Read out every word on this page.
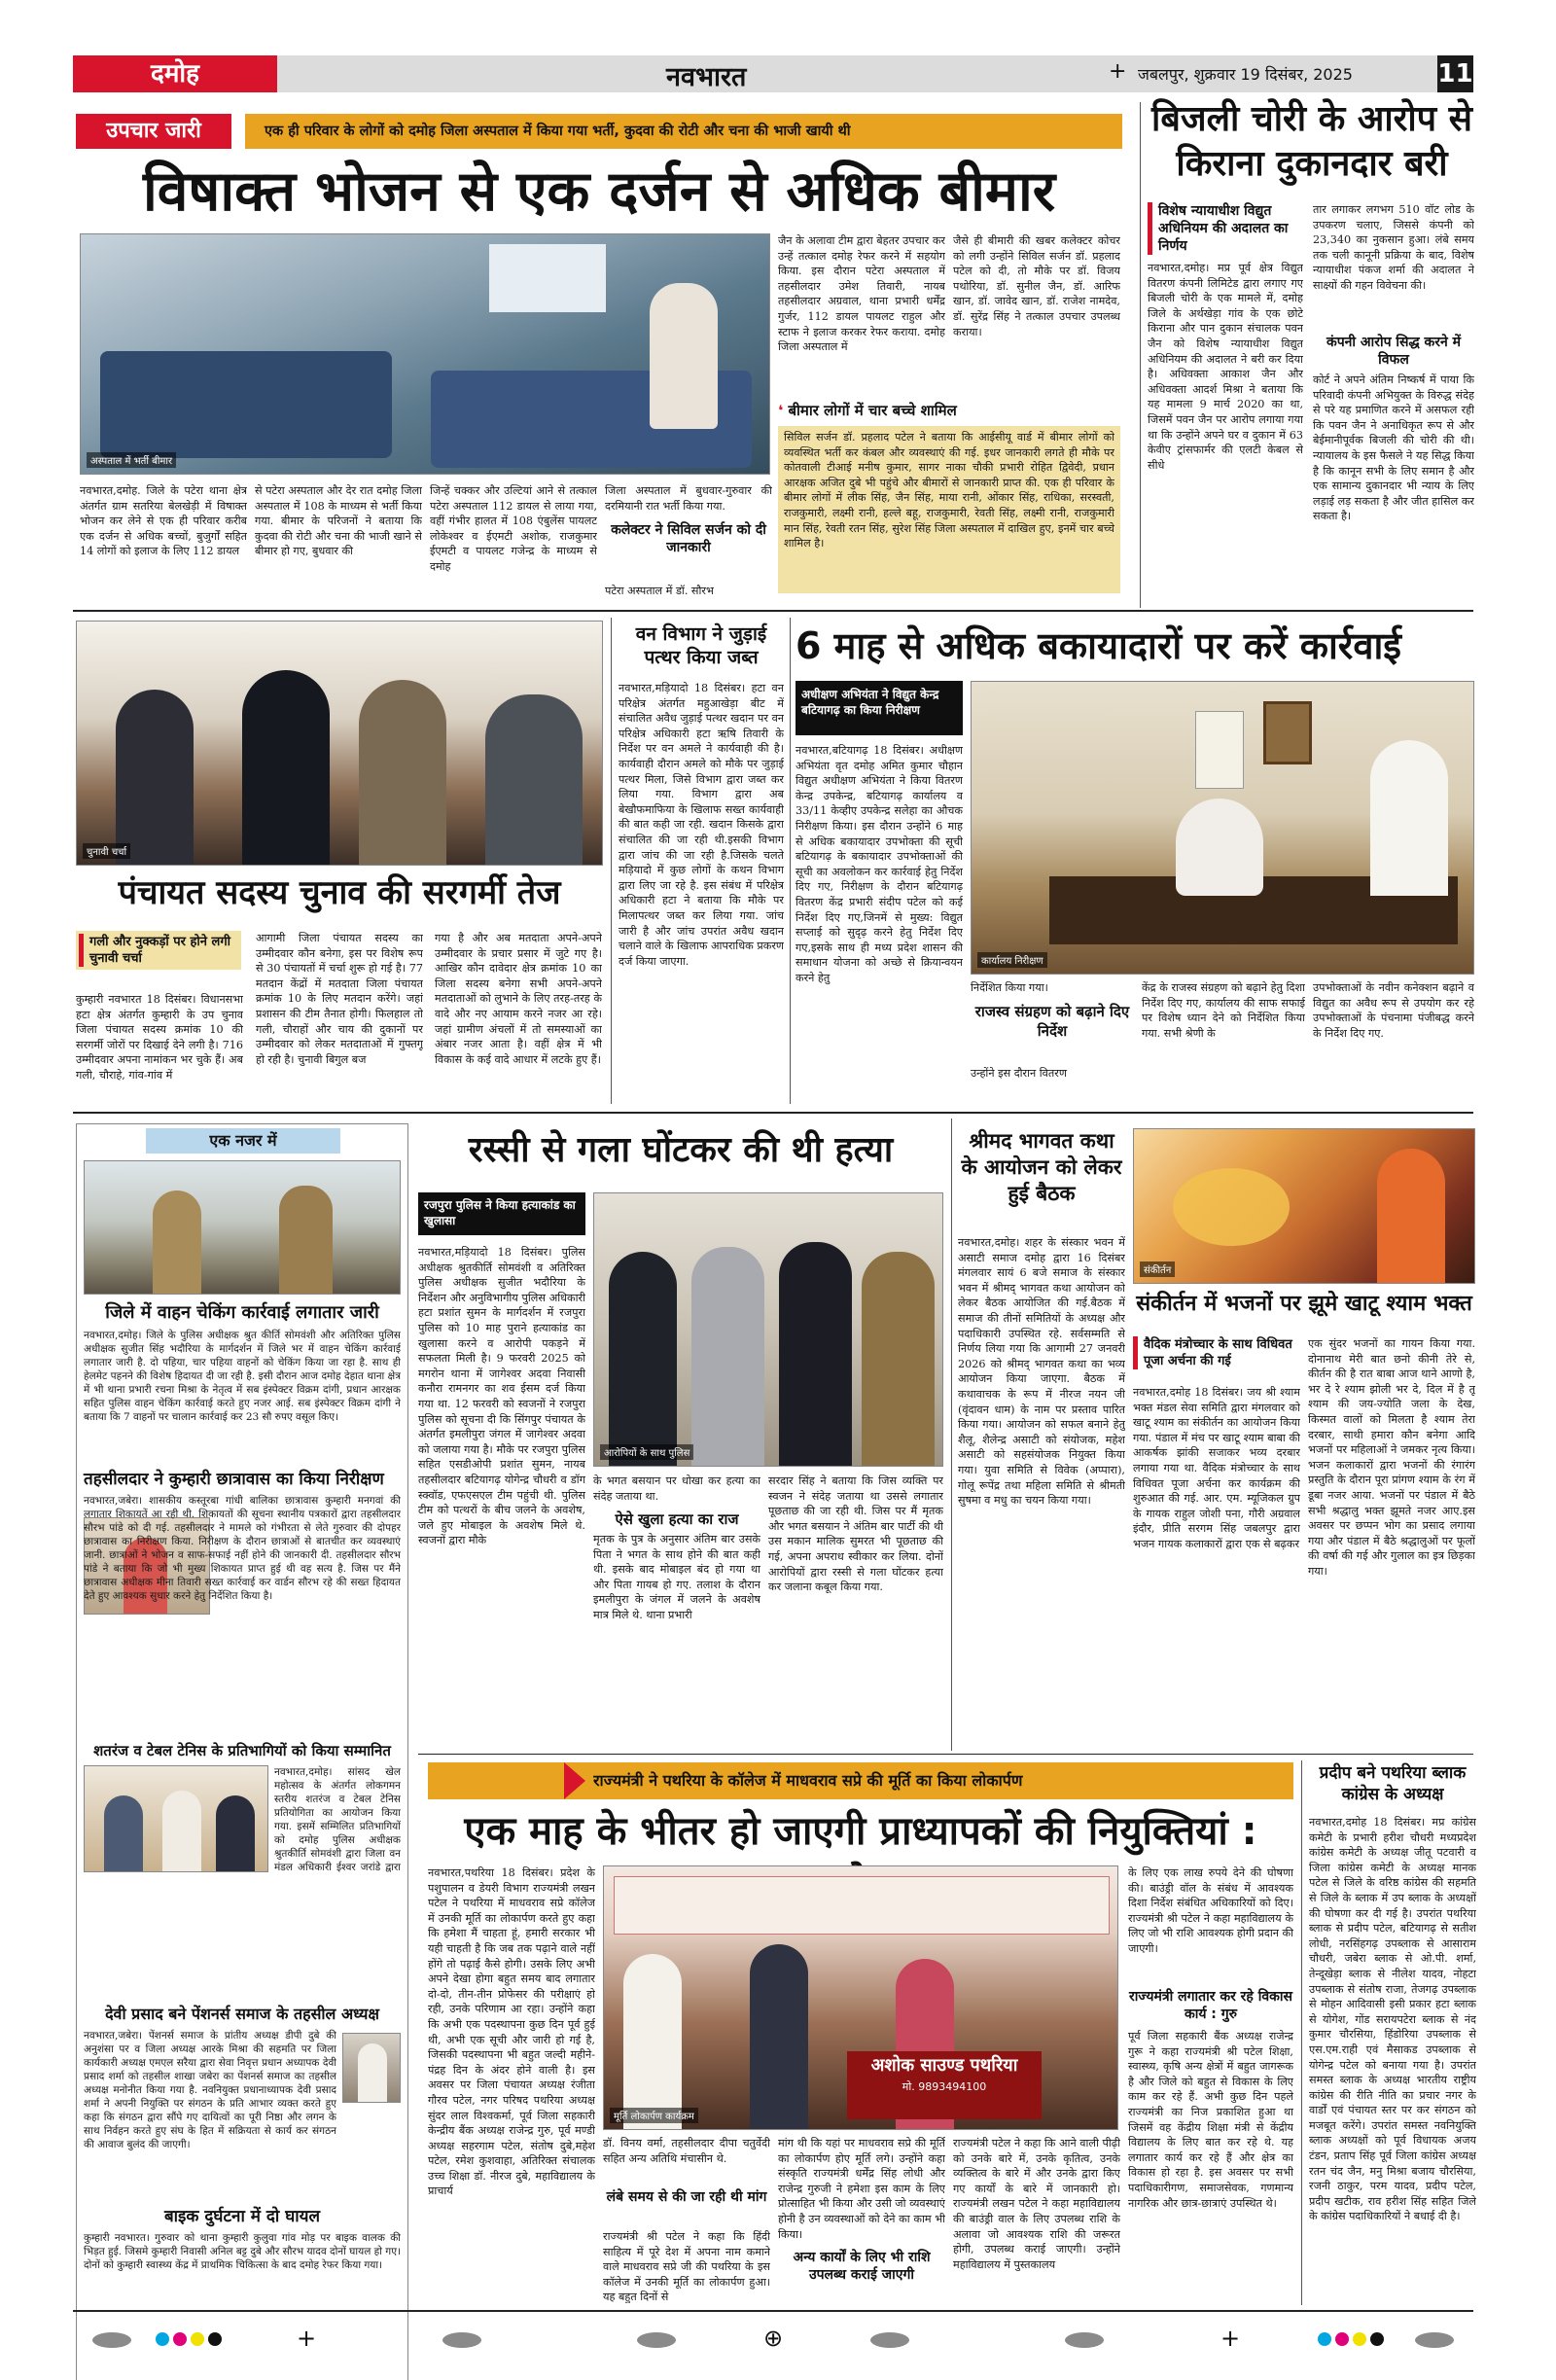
दमोह	नवभारत	+ जबलपुर, शुक्रवार 19 दिसंबर, 2025	11
उपचार जारी	एक ही परिवार के लोगों को दमोह जिला अस्पताल में किया गया भर्ती, कुदवा की रोटी और चना की भाजी खायी थी
विषाक्त भोजन से एक दर्जन से अधिक बीमार
अस्पताल में भर्ती बीमार
नवभारत,दमोह. जिले के पटेरा थाना क्षेत्र अंतर्गत ग्राम सतरिया बेलखेड़ी में विषाक्त भोजन कर लेने से एक ही परिवार करीब एक दर्जन से अधिक बच्चों, बुजुर्गों सहित 14 लोगों को इलाज के लिए 112 डायल
से पटेरा अस्पताल और देर रात दमोह जिला अस्पताल में 108 के माध्यम से भर्ती किया गया. बीमार के परिजनों ने बताया कि कुदवा की रोटी और चना की भाजी खाने से बीमार हो गए, बुधवार की
जिन्हें चक्कर और उल्टियां आने से तत्काल पटेरा अस्पताल 112 डायल से लाया गया, वहीं गंभीर हालत में 108 एंबुलेंस पायलट लोकेश्वर व ईएमटी अशोक, राजकुमार ईएमटी व पायलट गजेन्द्र के माध्यम से दमोह
जिला अस्पताल में बुधवार-गुरुवार की दरमियानी रात भर्ती किया गया.
कलेक्टर ने सिविल सर्जन को दी जानकारी
पटेरा अस्पताल में डॉ. सौरभ
जैन के अलावा टीम द्वारा बेहतर उपचार कर उन्हें तत्काल दमोह रेफर करने में सहयोग किया. इस दौरान पटेरा अस्पताल में तहसीलदार उमेश तिवारी, नायब तहसीलदार अग्रवाल, थाना प्रभारी धर्मेंद्र गुर्जर, 112 डायल पायलट राहुल और स्टाफ ने इलाज करकर रेफर कराया. दमोह जिला अस्पताल में
जैसे ही बीमारी की खबर कलेक्टर कोचर को लगी उन्होंने सिविल सर्जन डॉ. प्रहलाद पटेल को दी, तो मौके पर डॉ. विजय पथोरिया, डॉ. सुनील जैन, डॉ. आरिफ खान, डॉ. जावेद खान, डॉ. राजेश नामदेव, डॉ. सुरेंद्र सिंह ने तत्काल उपचार उपलब्ध कराया।
❛ बीमार लोगों में चार बच्चे शामिल
सिविल सर्जन डॉ. प्रहलाद पटेल ने बताया कि आईसीयू वार्ड में बीमार लोगों को व्यवस्थित भर्ती कर कंबल और व्यवस्थाएं की गई. इधर जानकारी लगते ही मौके पर कोतवाली टीआई मनीष कुमार, सागर नाका चौकी प्रभारी रोहित द्विवेदी, प्रधान आरक्षक अजित दुबे भी पहुंचे और बीमारों से जानकारी प्राप्त की. एक ही परिवार के बीमार लोगों में लीक सिंह, जैन सिंह, माया रानी, ओंकार सिंह, राधिका, सरस्वती, राजकुमारी, लक्ष्मी रानी, हल्ले बहू, राजकुमारी, रेवती सिंह, लक्ष्मी रानी, राजकुमारी मान सिंह, रेवती रतन सिंह, सुरेश सिंह जिला अस्पताल में दाखिल हुए, इनमें चार बच्चे शामिल है।
बिजली चोरी के आरोप से किराना दुकानदार बरी
विशेष न्यायाधीश विद्युत अधिनियम की अदालत का निर्णय
नवभारत,दमोह। मप्र पूर्व क्षेत्र विद्युत वितरण कंपनी लिमिटेड द्वारा लगाए गए बिजली चोरी के एक मामले में, दमोह जिले के अर्थखेड़ा गांव के एक छोटे किराना और पान दुकान संचालक पवन जैन को विशेष न्यायाधीश विद्युत अधिनियम की अदालत ने बरी कर दिया है। अधिवक्ता आकाश जैन और अधिवक्ता आदर्श मिश्रा ने बताया कि यह मामला 9 मार्च 2020 का था, जिसमें पवन जैन पर आरोप लगाया गया था कि उन्होंने अपने घर व दुकान में 63 केवीए ट्रांसफार्मर की एलटी केबल से सीधे
तार लगाकर लगभग 510 वॉट लोड के उपकरण चलाए, जिससे कंपनी को 23,340 का नुकसान हुआ। लंबे समय तक चली कानूनी प्रक्रिया के बाद, विशेष न्यायाधीश पंकज शर्मा की अदालत ने साक्ष्यों की गहन विवेचना की।
कंपनी आरोप सिद्ध करने में विफल
कोर्ट ने अपने अंतिम निष्कर्ष में पाया कि परिवादी कंपनी अभियुक्त के विरुद्ध संदेह से परे यह प्रमाणित करने में असफल रही कि पवन जैन ने अनाधिकृत रूप से और बेईमानीपूर्वक बिजली की चोरी की थी। न्यायालय के इस फैसले ने यह सिद्ध किया है कि कानून सभी के लिए समान है और एक सामान्य दुकानदार भी न्याय के लिए लड़ाई लड़ सकता है और जीत हासिल कर सकता है।
चुनावी चर्चा
पंचायत सदस्य चुनाव की सरगर्मी तेज
गली और नुक्कड़ों पर होने लगी चुनावी चर्चा
कुम्हारी नवभारत 18 दिसंबर। विधानसभा हटा क्षेत्र अंतर्गत कुम्हारी के उप चुनाव जिला पंचायत सदस्य क्रमांक 10 की सरगर्मी जोरों पर दिखाई देने लगी है। 716 उम्मीदवार अपना नामांकन भर चुके हैं। अब गली, चौराहे, गांव-गांव में
आगामी जिला पंचायत सदस्य का उम्मीदवार कौन बनेगा, इस पर विशेष रूप से 30 पंचायतों में चर्चा शुरू हो गई है। 77 मतदान केंद्रों में मतदाता जिला पंचायत क्रमांक 10 के लिए मतदान करेंगे। जहां प्रशासन की टीम तैनात होगी। फिलहाल तो गली, चौराहों और चाय की दुकानों पर उम्मीदवार को लेकर मतदाताओं में गुफ्तगू हो रही है। चुनावी बिगुल बज
गया है और अब मतदाता अपने-अपने उम्मीदवार के प्रचार प्रसार में जुटे गए है। आखिर कौन दावेदार क्षेत्र क्रमांक 10 का जिला सदस्य बनेगा सभी अपने-अपने मतदाताओं को लुभाने के लिए तरह-तरह के वादे और नए आयाम करने नजर आ रहे। जहां ग्रामीण अंचलों में तो समस्याओं का अंबार नजर आता है। वहीं क्षेत्र में भी विकास के कई वादे आधार में लटके हुए हैं।
वन विभाग ने जुड़ाई पत्थर किया जब्त
नवभारत,मड़ियादो 18 दिसंबर। हटा वन परिक्षेत्र अंतर्गत महुआखेड़ा बीट में संचालित अवैध जुड़ाई पत्थर खदान पर वन परिक्षेत्र अधिकारी हटा ऋषि तिवारी के निर्देश पर वन अमले ने कार्यवाही की है। कार्यवाही दौरान अमले को मौके पर जुड़ाई पत्थर मिला, जिसे विभाग द्वारा जब्त कर लिया गया. विभाग द्वारा अब बेखौफमाफिया के खिलाफ सख्त कार्यवाही की बात कही जा रही. खदान किसके द्वारा संचालित की जा रही थी.इसकी विभाग द्वारा जांच की जा रही है.जिसके चलते मड़ियादो में कुछ लोगों के कथन विभाग द्वारा लिए जा रहे है. इस संबंध में परिक्षेत्र अधिकारी हटा ने बताया कि मौके पर मिलापत्थर जब्त कर लिया गया. जांच जारी है और जांच उपरांत अवैध खदान चलाने वाले के खिलाफ आपराधिक प्रकरण दर्ज किया जाएगा.
6 माह से अधिक बकायादारों पर करें कार्रवाई
अधीक्षण अभियंता ने विद्युत केन्द्र बटियागढ़ का किया निरीक्षण
नवभारत,बटियागढ़ 18 दिसंबर। अधीक्षण अभियंता वृत दमोह अमित कुमार चौहान विद्युत अधीक्षण अभियंता ने किया वितरण केन्द्र उपकेन्द्र, बटियागढ़ कार्यालय व 33/11 केव्हीए उपकेन्द्र सलेहा का औचक निरीक्षण किया। इस दौरान उन्होंने 6 माह से अधिक बकायादार उपभोक्ता की सूची बटियागढ़ के बकायादार उपभोक्ताओं की सूची का अवलोकन कर कार्रवाई हेतु निर्देश दिए गए, निरीक्षण के दौरान बटियागढ़ वितरण केंद्र प्रभारी संदीप पटेल को कई निर्देश दिए गए,जिनमें से मुख्य: विद्युत सप्लाई को सुदृढ़ करने हेतु निर्देश दिए गए,इसके साथ ही मध्य प्रदेश शासन की समाधान योजना को अच्छे से क्रियान्वयन करने हेतु
कार्यालय निरीक्षण
निर्देशित किया गया।
राजस्व संग्रहण को बढ़ाने दिए निर्देश
उन्होंने इस दौरान वितरण
केंद्र के राजस्व संग्रहण को बढ़ाने हेतु दिशा निर्देश दिए गए, कार्यालय की साफ सफाई पर विशेष ध्यान देने को निर्देशित किया गया. सभी श्रेणी के
उपभोक्ताओं के नवीन कनेक्शन बढ़ाने व विद्युत का अवैध रूप से उपयोग कर रहे उपभोक्ताओं के पंचनामा पंजीबद्ध करने के निर्देश दिए गए.
एक नजर में
जिले में वाहन चेकिंग कार्रवाई लगातार जारी
नवभारत,दमोह। जिले के पुलिस अधीक्षक श्रुत कीर्ति सोमवंशी और अतिरिक्त पुलिस अधीक्षक सुजीत सिंह भदौरिया के मार्गदर्शन में जिले भर में वाहन चेकिंग कार्रवाई लगातार जारी है. दो पहिया, चार पहिया वाहनों को चेकिंग किया जा रहा है. साथ ही हेलमेट पहनने की विशेष हिदायत दी जा रही है. इसी दौरान आज दमोह देहात थाना क्षेत्र में भी थाना प्रभारी रचना मिश्रा के नेतृत्व में सब इंस्पेक्टर विक्रम दांगी, प्रधान आरक्षक सहित पुलिस वाहन चेकिंग कार्रवाई करते हुए नजर आई. सब इंस्पेक्टर विक्रम दांगी ने बताया कि 7 वाहनों पर चालान कार्रवाई कर 23 सौ रुपए वसूल किए।
तहसीलदार ने कुम्हारी छात्रावास का किया निरीक्षण
नवभारत,जबेरा। शासकीय कस्तूरबा गांधी बालिका छात्रावास कुम्हारी मनगवां की लगातार शिकायतें आ रही थी. शिकायतों की सूचना स्थानीय पत्रकारों द्वारा तहसीलदार सौरभ पांडे को दी गई. तहसीलदार ने मामले को गंभीरता से लेते गुरुवार की दोपहर छात्रावास का निरीक्षण किया. निरीक्षण के दौरान छात्राओं से बातचीत कर व्यवस्थाएं जानी. छात्राओं ने भोजन व साफ-सफाई नहीं होने की जानकारी दी. तहसीलदार सौरभ पांडे ने बताया कि जो भी मुख्य शिकायत प्राप्त हुई थी वह सत्य है. जिस पर मैंने छात्रावास अधीक्षक मीना तिवारी सख्त कार्रवाई कर वार्डन सौरभ रहे की सख्त हिदायत देते हुए आवश्यक सुधार करने हेतु निर्देशित किया है।
शतरंज व टेबल टेनिस के प्रतिभागियों को किया सम्मानित
नवभारत,दमोह। सांसद खेल महोत्सव के अंतर्गत लोकगमन स्तरीय शतरंज व टेबल टेनिस प्रतियोगिता का आयोजन किया गया. इसमें सम्मिलित प्रतिभागियों को दमोह पुलिस अधीक्षक श्रुतकीर्ति सोमवंशी द्वारा जिला वन मंडल अधिकारी ईश्वर जरांडे द्वारा
देवी प्रसाद बने पेंशनर्स समाज के तहसील अध्यक्ष
नवभारत,जबेरा। पेंशनर्स समाज के प्रांतीय अध्यक्ष डीपी दुबे की अनुशंसा पर व जिला अध्यक्ष आरके मिश्रा की सहमति पर जिला कार्यकारी अध्यक्ष एमएल सरैया द्वारा सेवा निवृत्त प्रधान अध्यापक देवी प्रसाद शर्मा को तहसील शाखा जबेरा का पेंशनर्स समाज का तहसील अध्यक्ष मनोनीत किया गया है. नवनियुक्त प्रधानाध्यापक देवी प्रसाद शर्मा ने अपनी नियुक्ति पर संगठन के प्रति आभार व्यक्त करते हुए कहा कि संगठन द्वारा सौंपे गए दायित्वों का पूरी निष्ठा और लगन के साथ निर्वहन करते हुए संघ के हित में सक्रियता से कार्य कर संगठन की आवाज बुलंद की जाएगी।
बाइक दुर्घटना में दो घायल
कुम्हारी नवभारत। गुरुवार को थाना कुम्हारी कुलुवा गांव मोड़ पर बाइक वालक की भिड़त हुई. जिसमे कुम्हारी निवासी अनिल बट्ट दुबे और सौरभ यादव दोनों घायल हो गए। दोनों को कुम्हारी स्वास्थ्य केंद्र में प्राथमिक चिकित्सा के बाद दमोह रेफर किया गया।
रस्सी से गला घोंटकर की थी हत्या
रजपुरा पुलिस ने किया हत्याकांड का खुलासा
नवभारत,मड़ियादो 18 दिसंबर। पुलिस अधीक्षक श्रुतकीर्ति सोमवंशी व अतिरिक्त पुलिस अधीक्षक सुजीत भदौरिया के निर्देशन और अनुविभागीय पुलिस अधिकारी हटा प्रशांत सुमन के मार्गदर्शन में रजपुरा पुलिस को 10 माह पुराने हत्याकांड का खुलासा करने व आरोपी पकड़ने में सफलता मिली है। 9 फरवरी 2025 को मगरोन थाना में जागेश्वर अदवा निवासी कनौरा रामनगर का शव ईसम दर्ज किया गया था. 12 फरवरी को स्वजनों ने रजपुरा पुलिस को सूचना दी कि सिंगपुर पंचायत के अंतर्गत इमलीपुरा जंगल में जागेश्वर अदवा को जलाया गया है। मौके पर रजपुरा पुलिस सहित एसडीओपी प्रशांत सुमन, नायब तहसीलदार बटियागढ़ योगेन्द्र चौधरी व डॉग स्क्वॉड, एफएसएल टीम पहुंची थी. पुलिस टीम को पत्थरों के बीच जलने के अवशेष, जले हुए मोबाइल के अवशेष मिले थे. स्वजनों द्वारा मौके
आरोपियों के साथ पुलिस
के भगत बसयान पर धोखा कर हत्या का संदेह जताया था.
ऐसे खुला हत्या का राज
मृतक के पुत्र के अनुसार अंतिम बार उसके पिता ने भगत के साथ होने की बात कही थी. इसके बाद मोबाइल बंद हो गया था और पिता गायब हो गए. तलाश के दौरान इमलीपुरा के जंगल में जलने के अवशेष मात्र मिले थे. थाना प्रभारी
सरदार सिंह ने बताया कि जिस व्यक्ति पर स्वजन ने संदेह जताया था उससे लगातार पूछताछ की जा रही थी. जिस पर मैं मृतक और भगत बसयान ने अंतिम बार पार्टी की थी उस मकान मालिक सुमरत भी पूछताछ की गई, अपना अपराध स्वीकार कर लिया. दोनों आरोपियों द्वारा रस्सी से गला घोंटकर हत्या कर जलाना कबूल किया गया.
श्रीमद भागवत कथा के आयोजन को लेकर हुई बैठक
नवभारत,दमोह। शहर के संस्कार भवन में असाटी समाज दमोह द्वारा 16 दिसंबर मंगलवार सायं 6 बजे समाज के संस्कार भवन में श्रीमद् भागवत कथा आयोजन को लेकर बैठक आयोजित की गई.बैठक में समाज की तीनों समितियों के अध्यक्ष और पदाधिकारी उपस्थित रहे. सर्वसम्मति से निर्णय लिया गया कि आगामी 27 जनवरी 2026 को श्रीमद् भागवत कथा का भव्य आयोजन किया जाएगा. बैठक में कथावाचक के रूप में नीरज नयन जी (वृंदावन धाम) के नाम पर प्रस्ताव पारित किया गया। आयोजन को सफल बनाने हेतु शैलू, शैलेन्द्र असाटी को संयोजक, महेश असाटी को सहसंयोजक नियुक्त किया गया। युवा समिति से विवेक (अप्पारा), गोलू रूपेंद्र तथा महिला समिति से श्रीमती सुषमा व मधु का चयन किया गया।
संकीर्तन
संकीर्तन में भजनों पर झूमे खाटू श्याम भक्त
वैदिक मंत्रोच्चार के साथ विधिवत पूजा अर्चना की गई
नवभारत,दमोह 18 दिसंबर। जय श्री श्याम भक्त मंडल सेवा समिति द्वारा मंगलवार को खाटू श्याम का संकीर्तन का आयोजन किया गया. पंडाल में मंच पर खाटू श्याम बाबा की आकर्षक झांकी सजाकर भव्य दरबार लगाया गया था. वैदिक मंत्रोच्चार के साथ विधिवत पूजा अर्चना कर कार्यक्रम की शुरुआत की गई. आर. एम. म्यूजिकल ग्रुप के गायक राहुल जोशी पना, गौरी अग्रवाल इंदौर, प्रीति सरगम सिंह जबलपुर द्वारा भजन गायक कलाकारों द्वारा एक से बढ़कर
एक सुंदर भजनों का गायन किया गया. दोनानाथ मेरी बात छनो कीनी तेरे से, कीर्तन की है रात बाबा आज थाने आणो है, भर दे रे श्याम झोली भर दे, दिल में है तू श्याम की जय-ज्योति जला के देख, किस्मत वालों को मिलता है श्याम तेरा दरबार, साथी हमारा कौन बनेगा आदि भजनों पर महिलाओं ने जमकर नृत्य किया। भजन कलाकारों द्वारा भजनों की रंगारंग प्रस्तुति के दौरान पूरा प्रांगण श्याम के रंग में डूबा नजर आया. भजनों पर पंडाल में बैठे सभी श्रद्धालु भक्त झूमते नजर आए.इस अवसर पर छप्पन भोग का प्रसाद लगाया गया और पंडाल में बैठे श्रद्धालुओं पर फूलों की वर्षा की गई और गुलाल का इत्र छिड़का गया।
राज्यमंत्री ने पथरिया के कॉलेज में माधवराव सप्रे की मूर्ति का किया लोकार्पण
एक माह के भीतर हो जाएगी प्राध्यापकों की नियुक्तियां :
नवभारत,पथरिया 18 दिसंबर। प्रदेश के पशुपालन व डेयरी विभाग राज्यमंत्री लखन पटेल ने पथरिया में माधवराव सप्रे कॉलेज में उनकी मूर्ति का लोकार्पण करते हुए कहा कि हमेशा मैं चाहता हूं, हमारी सरकार भी यही चाहती है कि जब तक पढ़ाने वाले नहीं होंगे तो पढ़ाई कैसे होगी। उसके लिए अभी अपने देखा होगा बहुत समय बाद लगातार दो-दो, तीन-तीन प्रोफेसर की परीक्षाएं हो रही, उनके परिणाम आ रहा। उन्होंने कहा कि अभी एक पदस्थापना कुछ दिन पूर्व हुई थी, अभी एक सूची और जारी हो गई है, जिसकी पदस्थापना भी बहुत जल्दी महीने-पंद्रह दिन के अंदर होने वाली है। इस अवसर पर जिला पंचायत अध्यक्ष रंजीता गौरव पटेल, नगर परिषद पथरिया अध्यक्ष सुंदर लाल विश्वकर्मा, पूर्व जिला सहकारी केन्द्रीय बैंक अध्यक्ष राजेन्द्र गुरु, पूर्व मण्डी अध्यक्ष सहरगाम पटेल, संतोष दुबे,महेश पटेल, रमेश कुशवाहा, अतिरिक्त संचालक उच्च शिक्षा डॉ. नीरज दुबे, महाविद्यालय के प्राचार्य
अशोक साउण्ड पथरिया
मो. 9893494100
मूर्ति लोकार्पण कार्यक्रम
डॉ. विनय वर्मा, तहसीलदार दीपा चतुर्वेदी सहित अन्य अतिथि मंचासीन थे.
लंबे समय से की जा रही थी मांग
राज्यमंत्री श्री पटेल ने कहा कि हिंदी साहित्य में पूरे देश में अपना नाम कमाने वाले माधवराव सप्रे जी की पथरिया के इस कॉलेज में उनकी मूर्ति का लोकार्पण हुआ। यह बहुत दिनों से
मांग थी कि यहां पर माधवराव सप्रे की मूर्ति का लोकार्पण होए मूर्ति लगे। उन्होंने कहा संस्कृति राज्यमंत्री धर्मेंद्र सिंह लोधी और राजेन्द्र गुरुजी ने हमेशा इस काम के लिए प्रोत्साहित भी किया और उसी जो व्यवस्थाएं होनी है उन व्यवस्थाओं को देने का काम भी किया।
अन्य कार्यों के लिए भी राशि उपलब्ध कराई जाएगी
राज्यमंत्री पटेल ने कहा कि आने वाली पीढ़ी को उनके बारे में, उनके कृतित्व, उनके व्यक्तित्व के बारे में और उनके द्वारा किए गए कार्यों के बारे में जानकारी हो। राज्यमंत्री लखन पटेल ने कहा महाविद्यालय की बाउंड्री वाल के लिए उपलब्ध राशि के अलावा जो आवश्यक राशि की जरूरत होगी, उपलब्ध कराई जाएगी। उन्होंने महाविद्यालय में पुस्तकालय
के लिए एक लाख रुपये देने की घोषणा की। बाउंड्री वॉल के संबंध में आवश्यक दिशा निर्देश संबंधित अधिकारियों को दिए। राज्यमंत्री श्री पटेल ने कहा महाविद्यालय के लिए जो भी राशि आवश्यक होगी प्रदान की जाएगी।
राज्यमंत्री लगातार कर रहे विकास कार्य : गुरु
पूर्व जिला सहकारी बैंक अध्यक्ष राजेन्द्र गुरू ने कहा राज्यमंत्री श्री पटेल शिक्षा, स्वास्थ्य, कृषि अन्य क्षेत्रों में बहुत जागरूक है और जिले को बहुत से विकास के लिए काम कर रहे हैं. अभी कुछ दिन पहले राज्यमंत्री का निज प्रकाशित हुआ था जिसमें वह केंद्रीय शिक्षा मंत्री से केंद्रीय विद्यालय के लिए बात कर रहे थे. यह लगातार कार्य कर रहे हैं और क्षेत्र का विकास हो रहा है. इस अवसर पर सभी पदाधिकारीगण, समाजसेवक, गणमान्य नागरिक और छात्र-छात्राएं उपस्थित थे।
प्रदीप बने पथरिया ब्लाक कांग्रेस के अध्यक्ष
नवभारत,दमोह 18 दिसंबर। मप्र कांग्रेस कमेटी के प्रभारी हरीश चौधरी मध्यप्रदेश कांग्रेस कमेटी के अध्यक्ष जीतू पटवारी व जिला कांग्रेस कमेटी के अध्यक्ष मानक पटेल से जिले के वरिष्ठ कांग्रेस की सहमति से जिले के ब्लाक में उप ब्लाक के अध्यक्षों की घोषणा कर दी गई है। उपरांत पथरिया ब्लाक से प्रदीप पटेल, बटियागढ़ से सतीश लोधी, नरसिंहगढ़ उपब्लाक से आसाराम चौधरी, जबेरा ब्लाक से ओ.पी. शर्मा, तेन्दूखेड़ा ब्लाक से नीलेश यादव, नोहटा उपब्लाक से संतोष राजा, तेजगढ़ उपब्लाक से मोहन आदिवासी इसी प्रकार हटा ब्लाक से योगेश, गोंड सरायपटेरा ब्लाक से नंद कुमार चौरसिया, हिंडोरिया उपब्लाक से एस.एम.राही एवं मैसाकड उपब्लाक से योगेन्द्र पटेल को बनाया गया है। उपरांत समस्त ब्लाक के अध्यक्ष भारतीय राष्ट्रीय कांग्रेस की रीति नीति का प्रचार नगर के वार्डों एवं पंचायत स्तर पर कर संगठन को मजबूत करेंगे। उपरांत समस्त नवनियुक्ति ब्लाक अध्यक्षों को पूर्व विधायक अजय टंडन, प्रताप सिंह पूर्व जिला कांग्रेस अध्यक्ष रतन चंद जैन, मनु मिश्रा बजाय चौरसिया, रजनी ठाकुर, परम यादव, प्रदीप पटेल, प्रदीप खटीक, राव हरीश सिंह सहित जिले के कांग्रेस पदाधिकारियों ने बधाई दी है।
+	⊕	+
